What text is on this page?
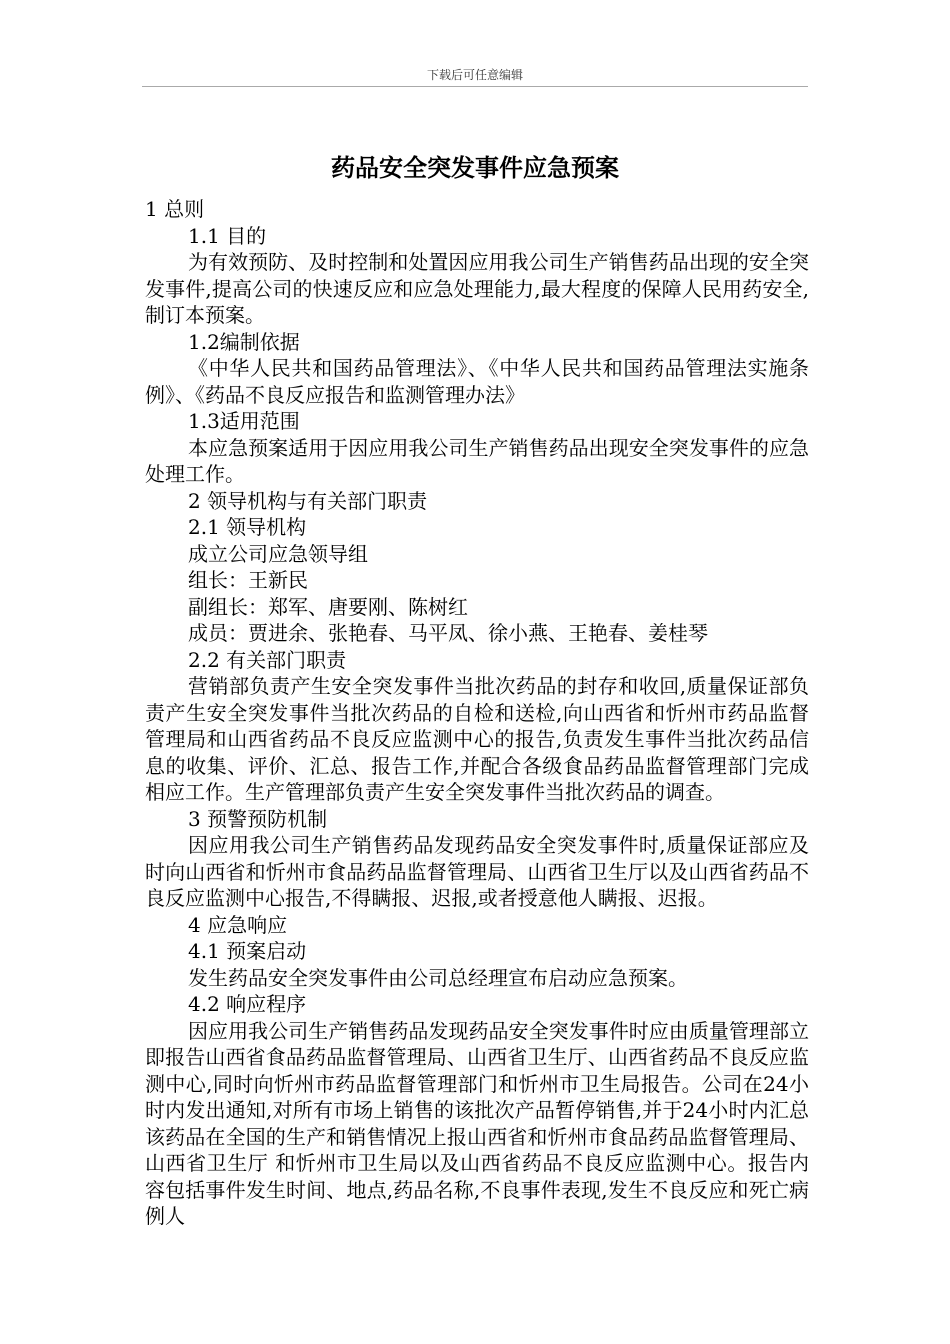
下载后可任意编辑
药品安全突发事件应急预案

1 总则

1.1 目的

为有效预防、及时控制和处置因应用我公司生产销售药品出现的安全突发事件,提高公司的快速反应和应急处理能力,最大程度的保障人民用药安全,制订本预案。

1.2编制依据

《中华人民共和国药品管理法》、《中华人民共和国药品管理法实施条例》、《药品不良反应报告和监测管理办法》

1.3适用范围

本应急预案适用于因应用我公司生产销售药品出现安全突发事件的应急处理工作。

2 领导机构与有关部门职责

2.1 领导机构

成立公司应急领导组

组长：王新民

副组长：郑军、唐要刚、陈树红

成员：贾进余、张艳春、马平凤、徐小燕、王艳春、姜桂琴

2.2 有关部门职责

营销部负责产生安全突发事件当批次药品的封存和收回,质量保证部负责产生安全突发事件当批次药品的自检和送检,向山西省和忻州市药品监督管理局和山西省药品不良反应监测中心的报告,负责发生事件当批次药品信息的收集、评价、汇总、报告工作,并配合各级食品药品监督管理部门完成相应工作。生产管理部负责产生安全突发事件当批次药品的调查。

3 预警预防机制

因应用我公司生产销售药品发现药品安全突发事件时,质量保证部应及时向山西省和忻州市食品药品监督管理局、山西省卫生厅以及山西省药品不良反应监测中心报告,不得瞒报、迟报,或者授意他人瞒报、迟报。

4 应急响应

4.1 预案启动

发生药品安全突发事件由公司总经理宣布启动应急预案。

4.2 响应程序

因应用我公司生产销售药品发现药品安全突发事件时应由质量管理部立即报告山西省食品药品监督管理局、山西省卫生厅、山西省药品不良反应监测中心,同时向忻州市药品监督管理部门和忻州市卫生局报告。公司在24小时内发出通知,对所有市场上销售的该批次产品暂停销售,并于24小时内汇总该药品在全国的生产和销售情况上报山西省和忻州市食品药品监督管理局、山西省卫生厅 和忻州市卫生局以及山西省药品不良反应监测中心。报告内容包括事件发生时间、地点,药品名称,不良事件表现,发生不良反应和死亡病例人
